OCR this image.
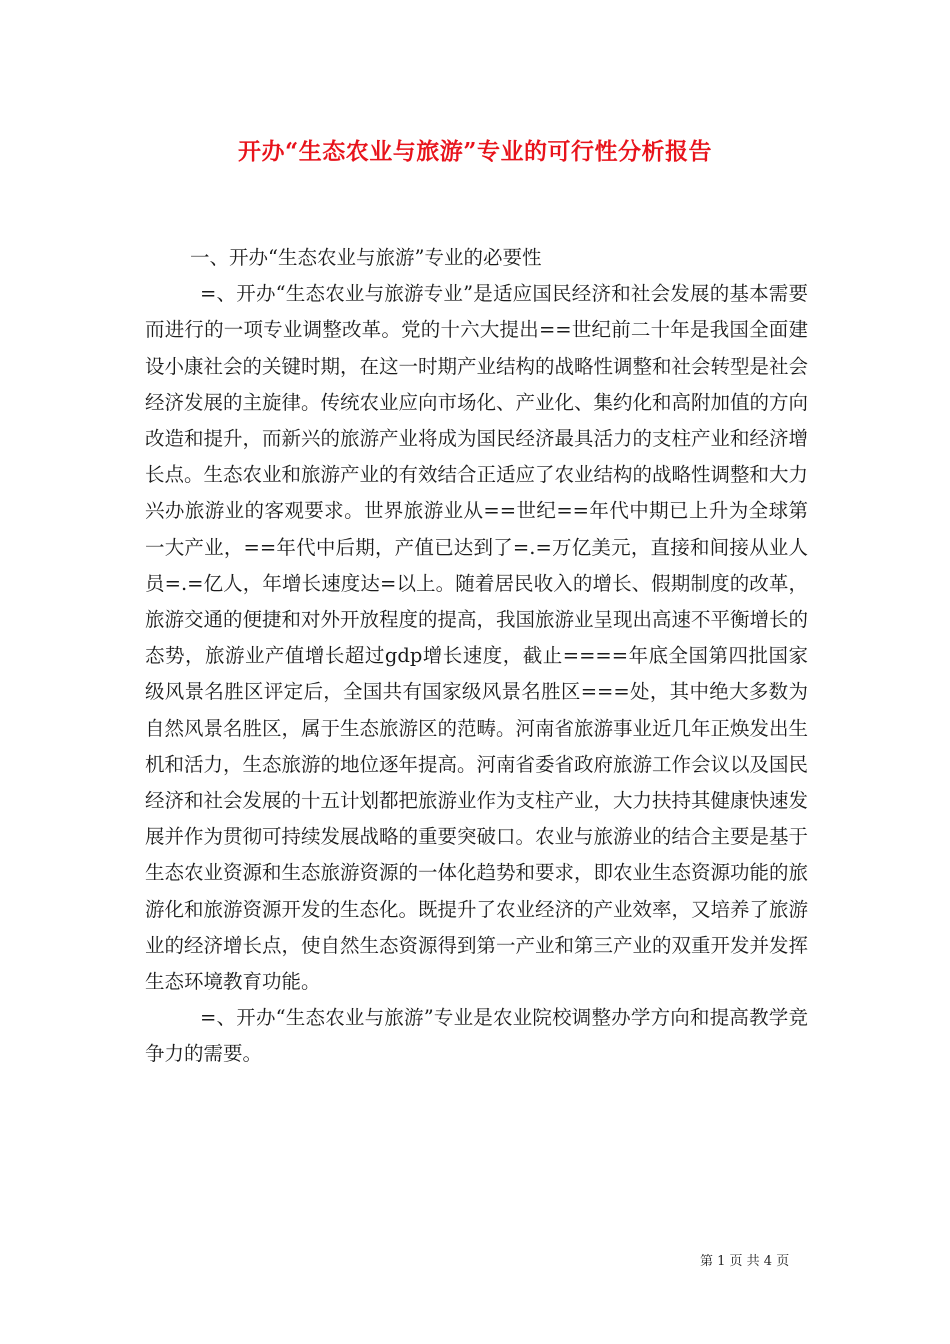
开办“生态农业与旅游”专业的可行性分析报告

一、开办“生态农业与旅游”专业的必要性

=、开办“生态农业与旅游专业”是适应国民经济和社会发展的基本需要而进行的一项专业调整改革。党的十六大提出==世纪前二十年是我国全面建设小康社会的关键时期，在这一时期产业结构的战略性调整和社会转型是社会经济发展的主旋律。传统农业应向市场化、产业化、集约化和高附加值的方向改造和提升，而新兴的旅游产业将成为国民经济最具活力的支柱产业和经济增长点。生态农业和旅游产业的有效结合正适应了农业结构的战略性调整和大力兴办旅游业的客观要求。世界旅游业从==世纪==年代中期已上升为全球第一大产业，==年代中后期，产值已达到了=.=万亿美元，直接和间接从业人员=.=亿人，年增长速度达=以上。随着居民收入的增长、假期制度的改革，旅游交通的便捷和对外开放程度的提高，我国旅游业呈现出高速不平衡增长的态势，旅游业产值增长超过gdp增长速度，截止====年底全国第四批国家级风景名胜区评定后，全国共有国家级风景名胜区===处，其中绝大多数为自然风景名胜区，属于生态旅游区的范畴。河南省旅游事业近几年正焕发出生机和活力，生态旅游的地位逐年提高。河南省委省政府旅游工作会议以及国民经济和社会发展的十五计划都把旅游业作为支柱产业，大力扶持其健康快速发展并作为贯彻可持续发展战略的重要突破口。农业与旅游业的结合主要是基于生态农业资源和生态旅游资源的一体化趋势和要求，即农业生态资源功能的旅游化和旅游资源开发的生态化。既提升了农业经济的产业效率，又培养了旅游业的经济增长点，使自然生态资源得到第一产业和第三产业的双重开发并发挥生态环境教育功能。

=、开办“生态农业与旅游”专业是农业院校调整办学方向和提高教学竞争力的需要。

第 1 页 共 4 页
